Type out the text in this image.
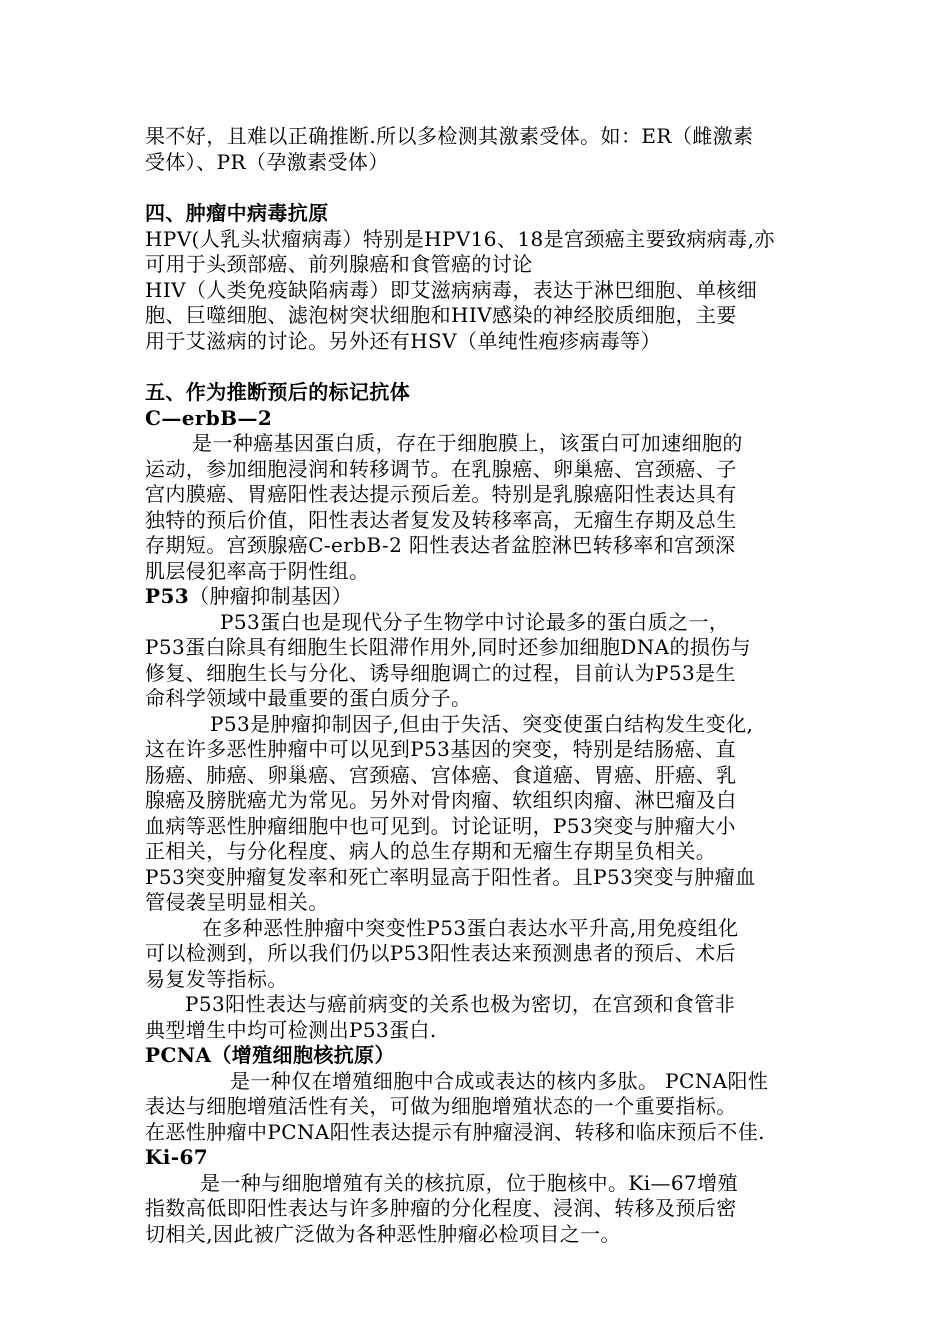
果不好，且难以正确推断.所以多检测其激素受体。如：ER（雌激素
受体）、PR（孕激素受体）
四、肿瘤中病毒抗原
HPV(人乳头状瘤病毒）特别是HPV16、18是宫颈癌主要致病病毒,亦
可用于头颈部癌、前列腺癌和食管癌的讨论
HIV（人类免疫缺陷病毒）即艾滋病病毒，表达于淋巴细胞、单核细
胞、巨噬细胞、滤泡树突状细胞和HIV感染的神经胶质细胞，主要
用于艾滋病的讨论。另外还有HSV（单纯性疱疹病毒等）
五、作为推断预后的标记抗体
C—erbB—2
是一种癌基因蛋白质，存在于细胞膜上，该蛋白可加速细胞的
运动，参加细胞浸润和转移调节。在乳腺癌、卵巢癌、宫颈癌、子
宫内膜癌、胃癌阳性表达提示预后差。特别是乳腺癌阳性表达具有
独特的预后价值，阳性表达者复发及转移率高，无瘤生存期及总生
存期短。宫颈腺癌C-erbB-2 阳性表达者盆腔淋巴转移率和宫颈深
肌层侵犯率高于阴性组。
P53（肿瘤抑制基因）
P53蛋白也是现代分子生物学中讨论最多的蛋白质之一，
P53蛋白除具有细胞生长阻滞作用外,同时还参加细胞DNA的损伤与
修复、细胞生长与分化、诱导细胞调亡的过程，目前认为P53是生
命科学领域中最重要的蛋白质分子。
P53是肿瘤抑制因子,但由于失活、突变使蛋白结构发生变化,
这在许多恶性肿瘤中可以见到P53基因的突变，特别是结肠癌、直
肠癌、肺癌、卵巢癌、宫颈癌、宫体癌、食道癌、胃癌、肝癌、乳
腺癌及膀胱癌尤为常见。另外对骨肉瘤、软组织肉瘤、淋巴瘤及白
血病等恶性肿瘤细胞中也可见到。讨论证明，P53突变与肿瘤大小
正相关，与分化程度、病人的总生存期和无瘤生存期呈负相关。
P53突变肿瘤复发率和死亡率明显高于阳性者。且P53突变与肿瘤血
管侵袭呈明显相关。
在多种恶性肿瘤中突变性P53蛋白表达水平升高,用免疫组化
可以检测到，所以我们仍以P53阳性表达来预测患者的预后、术后
易复发等指标。
P53阳性表达与癌前病变的关系也极为密切，在宫颈和食管非
典型增生中均可检测出P53蛋白.
PCNA（增殖细胞核抗原）
是一种仅在增殖细胞中合成或表达的核内多肽。 PCNA阳性
表达与细胞增殖活性有关，可做为细胞增殖状态的一个重要指标。
在恶性肿瘤中PCNA阳性表达提示有肿瘤浸润、转移和临床预后不佳.
Ki-67
是一种与细胞增殖有关的核抗原，位于胞核中。Ki—67增殖
指数高低即阳性表达与许多肿瘤的分化程度、浸润、转移及预后密
切相关,因此被广泛做为各种恶性肿瘤必检项目之一。
